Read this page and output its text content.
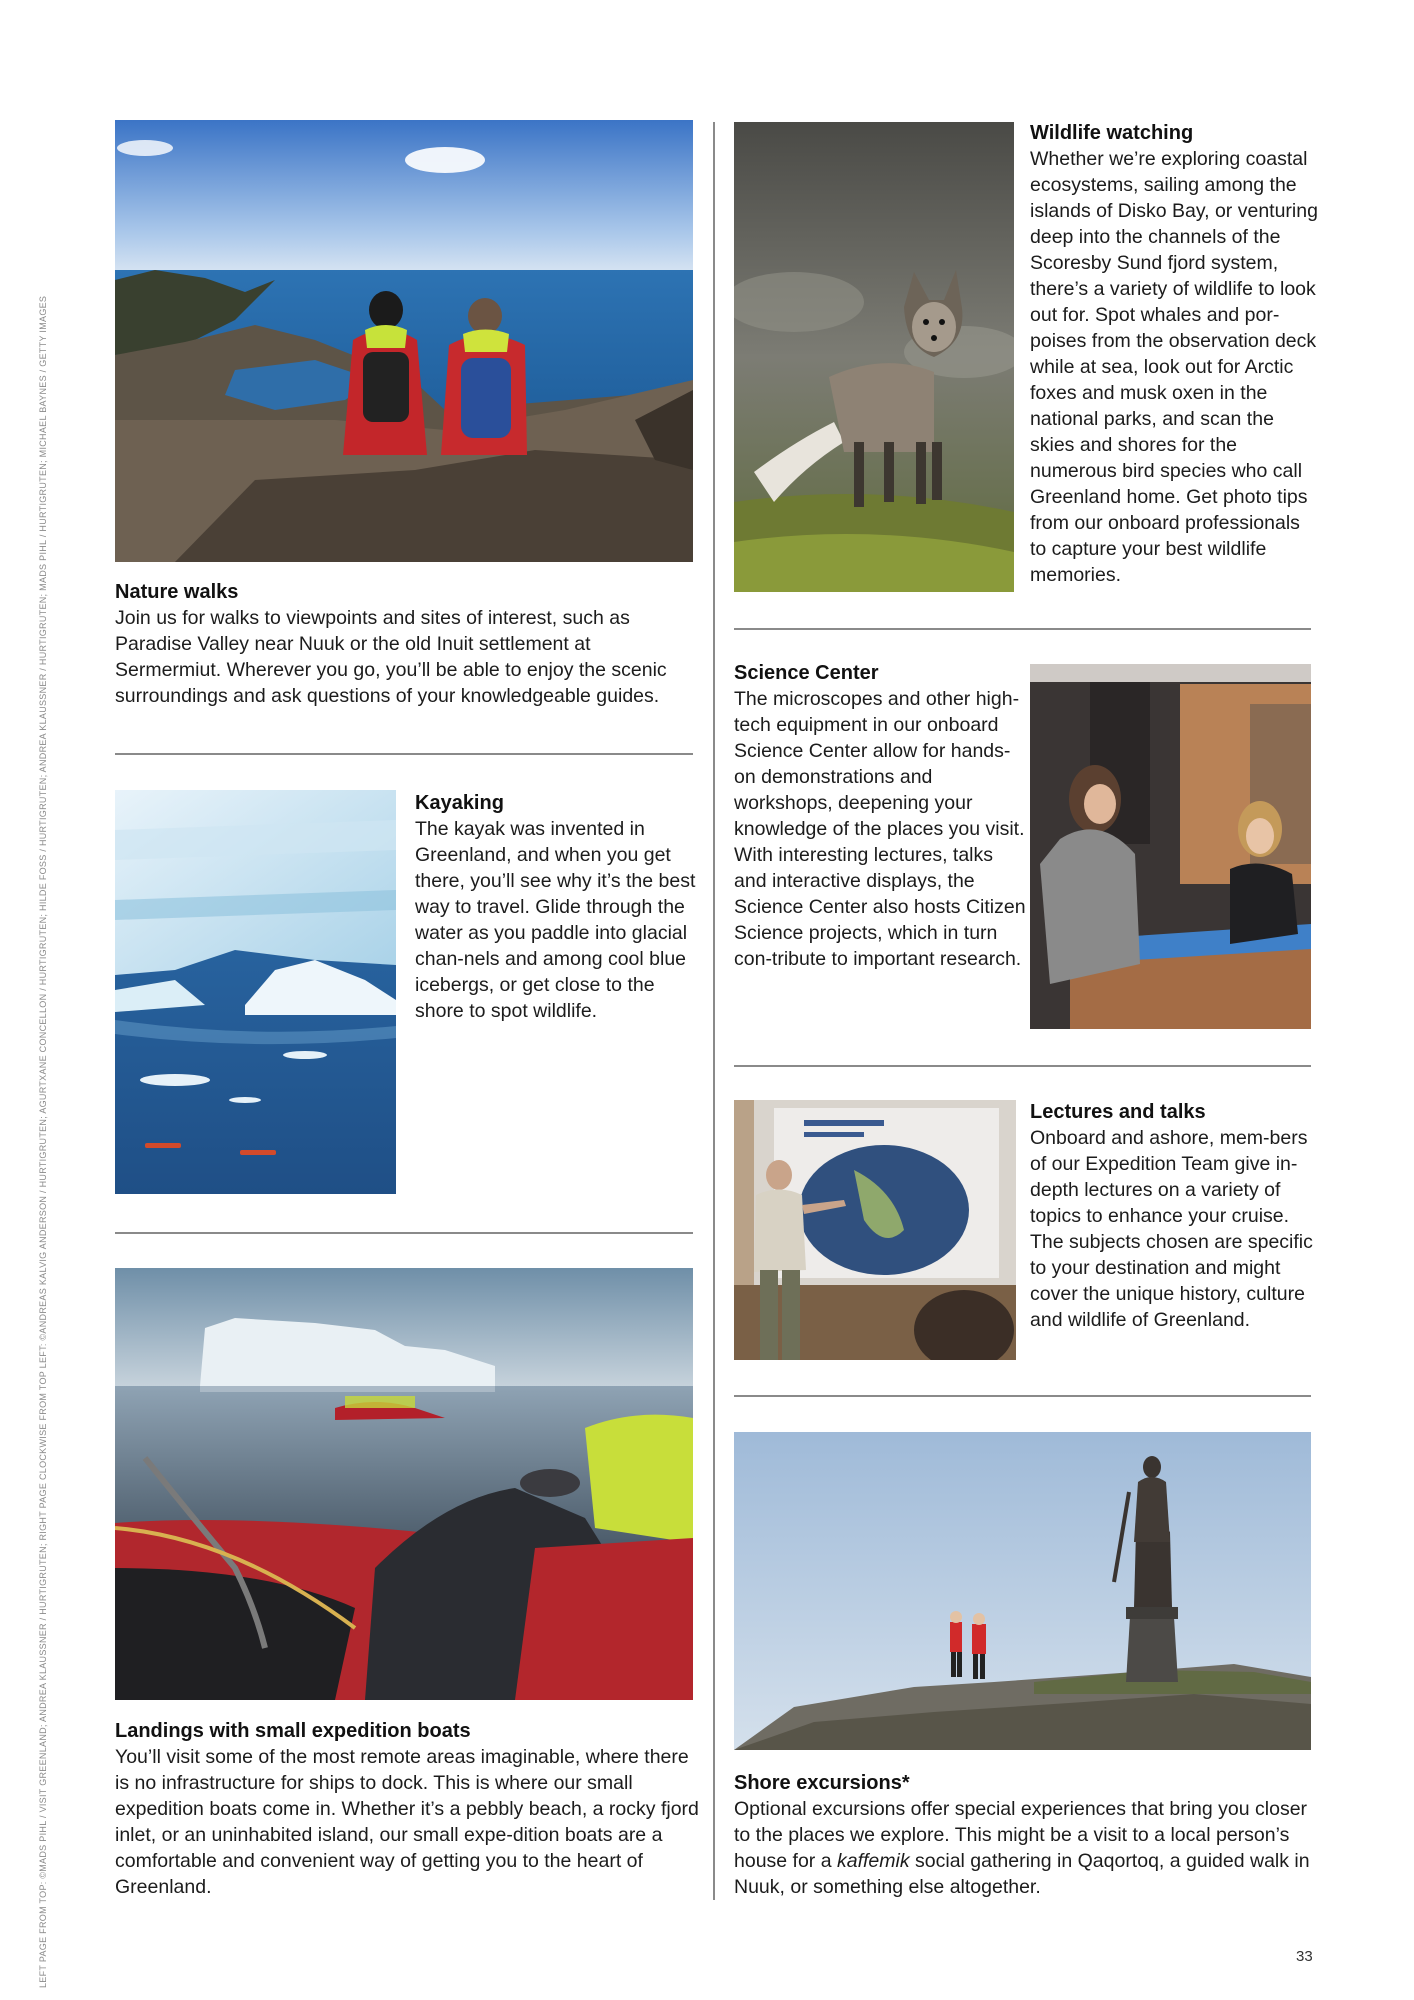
LEFT PAGE FROM TOP: ©MADS PIHL / VISIT GREENLAND; ANDREA KLAUSSNER / HURTIGRUTEN; RIGHT PAGE CLOCKWISE FROM TOP LEFT: ©ANDREAS KALVIG ANDERSON / HURTIGRUTEN; AGURTXANE CONCELLON / HURTIGRUTEN; HILDE FOSS / HURTIGRUTEN; ANDREA KLAUSSNER / HURTIGRUTEN; MADS PIHL / HURTIGRUTEN; MICHAEL BAYNES / GETTY IMAGES	Nature walks

Join us for walks to viewpoints and sites of interest, such as Paradise Valley near Nuuk or the old Inuit settlement at Sermermiut. Wherever you go, you’ll be able to enjoy the scenic surroundings and ask questions of your knowledgeable guides.

Kayaking

The kayak was invented in Greenland, and when you get there, you’ll see why it’s the best way to travel. Glide through the water as you paddle into glacial chan-nels and among cool blue icebergs, or get close to the shore to spot wildlife.

Landings with small expedition boats

You’ll visit some of the most remote areas imaginable, where there is no infrastructure for ships to dock. This is where our small expedition boats come in. Whether it’s a pebbly beach, a rocky fjord inlet, or an uninhabited island, our small expe-dition boats are a comfortable and convenient way of getting you to the heart of Greenland.

Wildlife watching

Whether we’re exploring coastal ecosystems, sailing among the islands of Disko Bay, or venturing deep into the channels of the Scoresby Sund fjord system, there’s a variety of wildlife to look out for. Spot whales and por-poises from the observation deck while at sea, look out for Arctic foxes and musk oxen in the national parks, and scan the skies and shores for the numerous bird species who call Greenland home. Get photo tips from our onboard professionals to capture your best wildlife memories.

Science Center

The microscopes and other high-tech equipment in our onboard Science Center allow for hands-on demonstrations and workshops, deepening your knowledge of the places you visit. With interesting lectures, talks and interactive displays, the Science Center also hosts Citizen Science projects, which in turn con-tribute to important research.

Lectures and talks

Onboard and ashore, mem-bers of our Expedition Team give in-depth lectures on a variety of topics to enhance your cruise. The subjects chosen are specific to your destination and might cover the unique history, culture and wildlife of Greenland.

Shore excursions*

Optional excursions offer special experiences that bring you closer to the places we explore. This might be a visit to a local person’s house for a kaffemik social gathering in Qaqortoq, a guided walk in Nuuk, or something else altogether.

33
